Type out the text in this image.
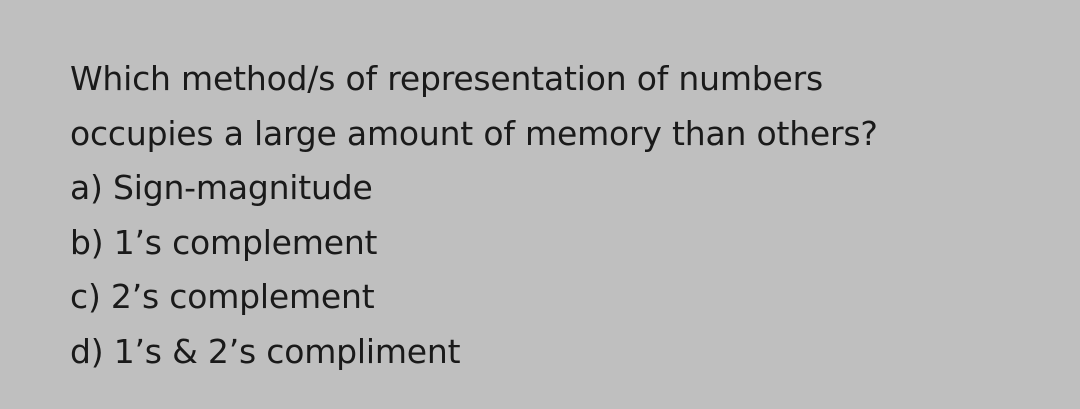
Which method/s of representation of numbers
occupies a large amount of memory than others?
a) Sign-magnitude
b) 1’s complement
c) 2’s complement
d) 1’s & 2’s compliment
